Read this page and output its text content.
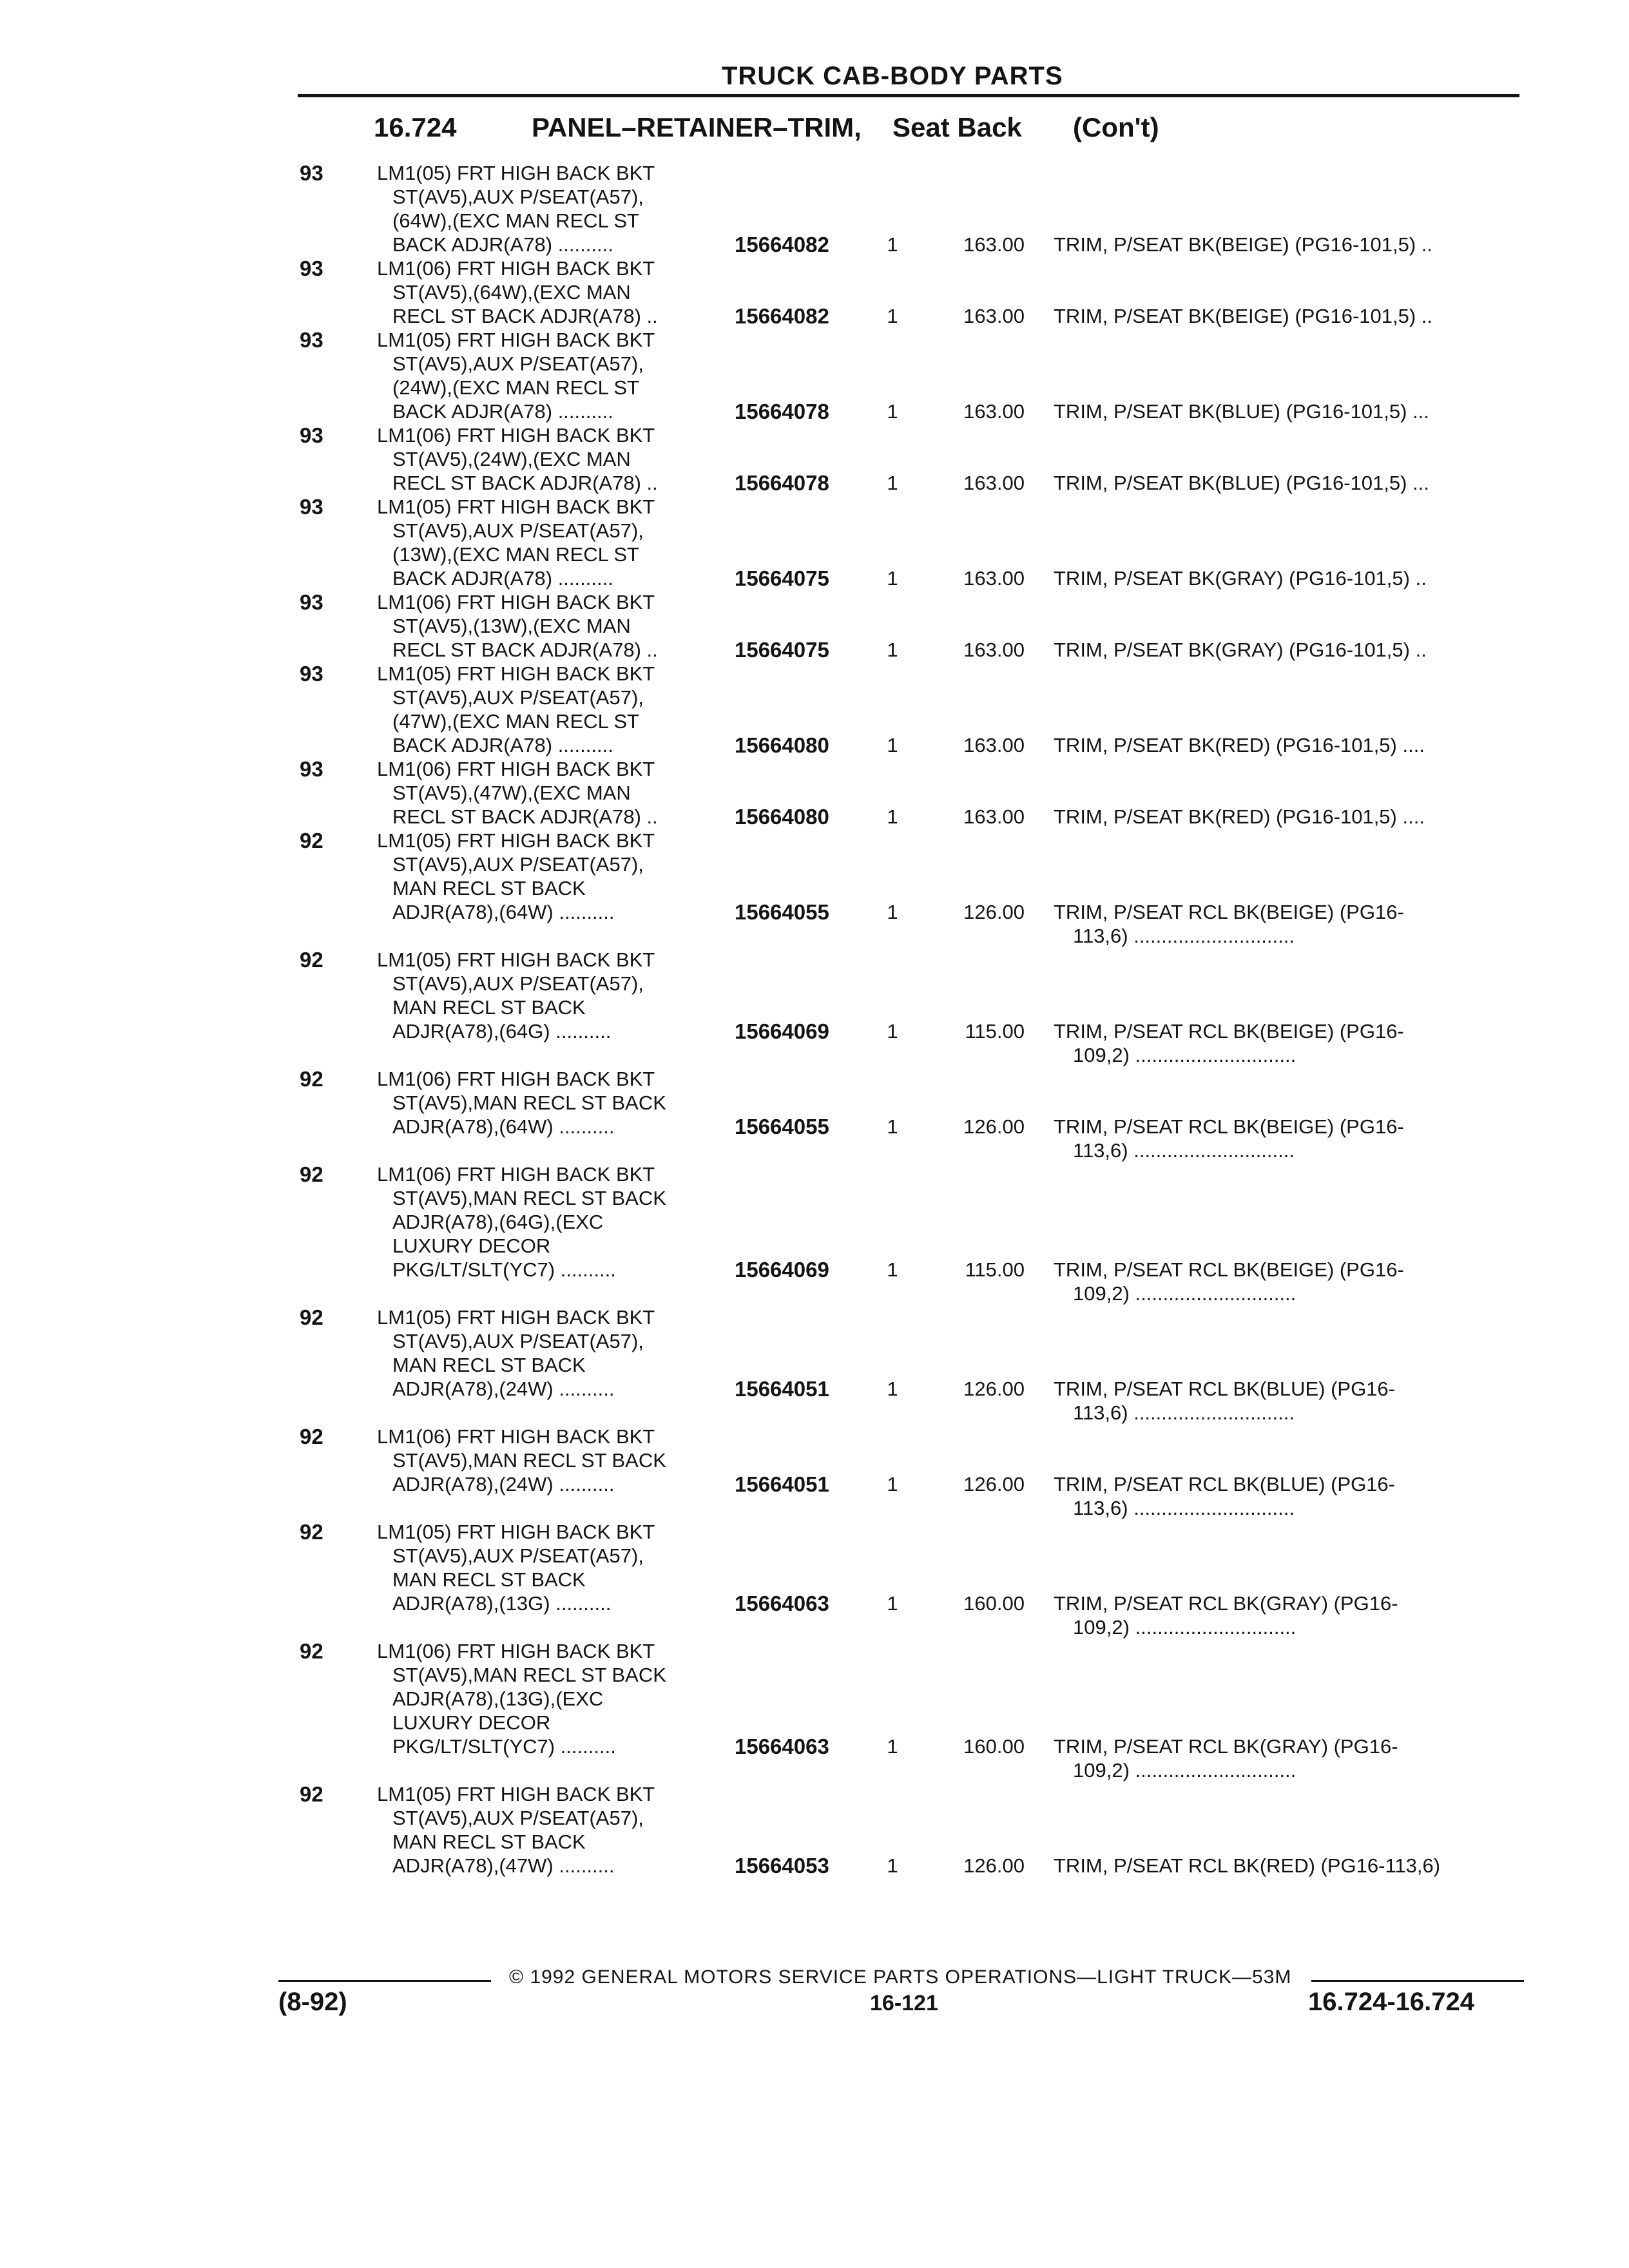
TRUCK CAB-BODY PARTS
16.724	PANEL–RETAINER–TRIM, Seat Back (Con't)
93	LM1(05) FRT HIGH BACK BKT
ST(AV5),AUX P/SEAT(A57),
(64W),(EXC MAN RECL ST
BACK ADJR(A78) ..........	15664082	1	163.00 TRIM, P/SEAT BK(BEIGE) (PG16-101,5) ..
93	LM1(06) FRT HIGH BACK BKT
ST(AV5),(64W),(EXC MAN
RECL ST BACK ADJR(A78) ..	15664082	1	163.00 TRIM, P/SEAT BK(BEIGE) (PG16-101,5) ..
93	LM1(05) FRT HIGH BACK BKT
ST(AV5),AUX P/SEAT(A57),
(24W),(EXC MAN RECL ST
BACK ADJR(A78) ..........	15664078	1	163.00 TRIM, P/SEAT BK(BLUE) (PG16-101,5) ...
93	LM1(06) FRT HIGH BACK BKT
ST(AV5),(24W),(EXC MAN
RECL ST BACK ADJR(A78) ..	15664078	1	163.00 TRIM, P/SEAT BK(BLUE) (PG16-101,5) ...
93	LM1(05) FRT HIGH BACK BKT
ST(AV5),AUX P/SEAT(A57),
(13W),(EXC MAN RECL ST
BACK ADJR(A78) ..........	15664075	1	163.00 TRIM, P/SEAT BK(GRAY) (PG16-101,5) ..
93	LM1(06) FRT HIGH BACK BKT
ST(AV5),(13W),(EXC MAN
RECL ST BACK ADJR(A78) ..	15664075	1	163.00 TRIM, P/SEAT BK(GRAY) (PG16-101,5) ..
93	LM1(05) FRT HIGH BACK BKT
ST(AV5),AUX P/SEAT(A57),
(47W),(EXC MAN RECL ST
BACK ADJR(A78) ..........	15664080	1	163.00 TRIM, P/SEAT BK(RED) (PG16-101,5) ....
93	LM1(06) FRT HIGH BACK BKT
ST(AV5),(47W),(EXC MAN
RECL ST BACK ADJR(A78) ..	15664080	1	163.00 TRIM, P/SEAT BK(RED) (PG16-101,5) ....
92	LM1(05) FRT HIGH BACK BKT
ST(AV5),AUX P/SEAT(A57),
MAN RECL ST BACK
ADJR(A78),(64W) ..........	15664055	1	126.00 TRIM, P/SEAT RCL BK(BEIGE) (PG16-
113,6) .............................
92	LM1(05) FRT HIGH BACK BKT
ST(AV5),AUX P/SEAT(A57),
MAN RECL ST BACK
ADJR(A78),(64G) ..........	15664069	1	115.00 TRIM, P/SEAT RCL BK(BEIGE) (PG16-
109,2) .............................
92	LM1(06) FRT HIGH BACK BKT
ST(AV5),MAN RECL ST BACK
ADJR(A78),(64W) ..........	15664055	1	126.00 TRIM, P/SEAT RCL BK(BEIGE) (PG16-
113,6) .............................
92	LM1(06) FRT HIGH BACK BKT
ST(AV5),MAN RECL ST BACK
ADJR(A78),(64G),(EXC
LUXURY DECOR
PKG/LT/SLT(YC7) ..........	15664069	1	115.00 TRIM, P/SEAT RCL BK(BEIGE) (PG16-
109,2) .............................
92	LM1(05) FRT HIGH BACK BKT
ST(AV5),AUX P/SEAT(A57),
MAN RECL ST BACK
ADJR(A78),(24W) ..........	15664051	1	126.00 TRIM, P/SEAT RCL BK(BLUE) (PG16-
113,6) .............................
92	LM1(06) FRT HIGH BACK BKT
ST(AV5),MAN RECL ST BACK
ADJR(A78),(24W) ..........	15664051	1	126.00 TRIM, P/SEAT RCL BK(BLUE) (PG16-
113,6) .............................
92	LM1(05) FRT HIGH BACK BKT
ST(AV5),AUX P/SEAT(A57),
MAN RECL ST BACK
ADJR(A78),(13G) ..........	15664063	1	160.00 TRIM, P/SEAT RCL BK(GRAY) (PG16-
109,2) .............................
92	LM1(06) FRT HIGH BACK BKT
ST(AV5),MAN RECL ST BACK
ADJR(A78),(13G),(EXC
LUXURY DECOR
PKG/LT/SLT(YC7) ..........	15664063	1	160.00 TRIM, P/SEAT RCL BK(GRAY) (PG16-
109,2) .............................
92	LM1(05) FRT HIGH BACK BKT
ST(AV5),AUX P/SEAT(A57),
MAN RECL ST BACK
ADJR(A78),(47W) ..........	15664053	1	126.00 TRIM, P/SEAT RCL BK(RED) (PG16-113,6)
© 1992 GENERAL MOTORS SERVICE PARTS OPERATIONS—LIGHT TRUCK—53M
(8-92)	16-121	16.724-16.724
